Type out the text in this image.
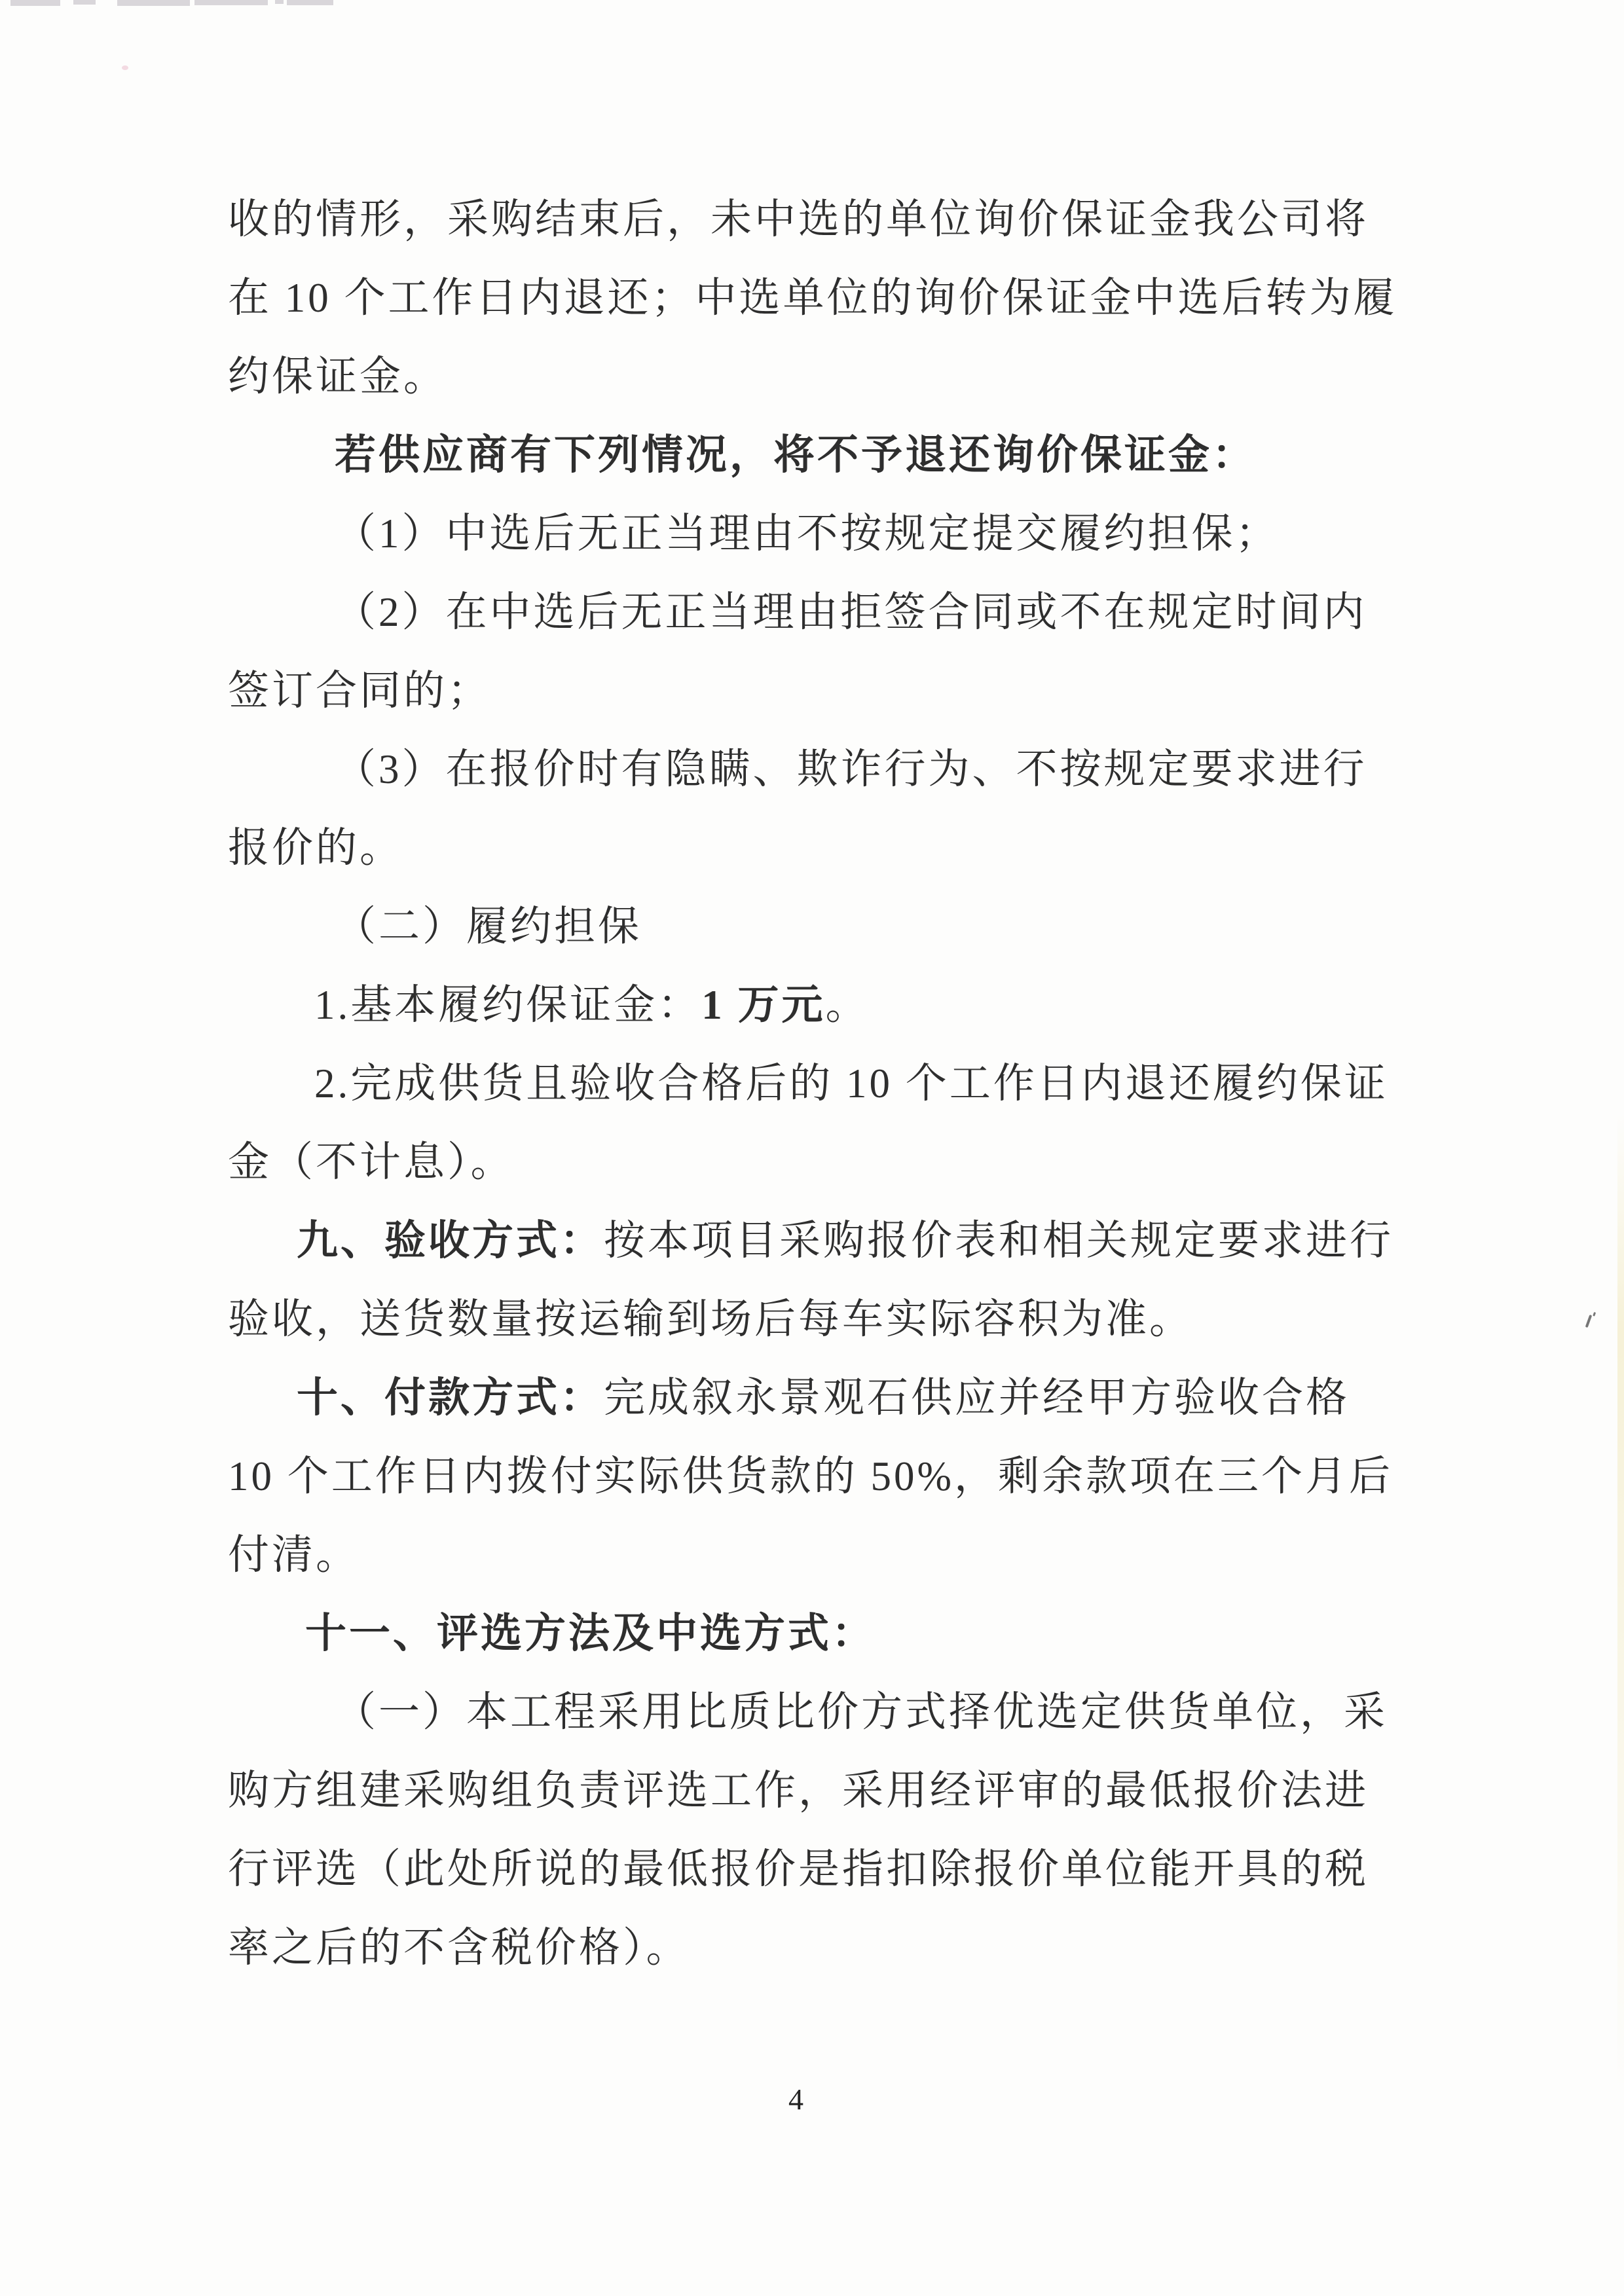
收的情形，采购结束后，未中选的单位询价保证金我公司将
在 10 个工作日内退还；中选单位的询价保证金中选后转为履
约保证金。
若供应商有下列情况，将不予退还询价保证金：
（1）中选后无正当理由不按规定提交履约担保；
（2）在中选后无正当理由拒签合同或不在规定时间内
签订合同的；
（3）在报价时有隐瞒、欺诈行为、不按规定要求进行
报价的。
（二）履约担保
1.基本履约保证金：1 万元。
2.完成供货且验收合格后的 10 个工作日内退还履约保证
金（不计息）。
九、验收方式：按本项目采购报价表和相关规定要求进行
验收，送货数量按运输到场后每车实际容积为准。
十、付款方式：完成叙永景观石供应并经甲方验收合格
10 个工作日内拨付实际供货款的 50%，剩余款项在三个月后
付清。
十一、评选方法及中选方式：
（一）本工程采用比质比价方式择优选定供货单位，采
购方组建采购组负责评选工作，采用经评审的最低报价法进
行评选（此处所说的最低报价是指扣除报价单位能开具的税
率之后的不含税价格）。
4
